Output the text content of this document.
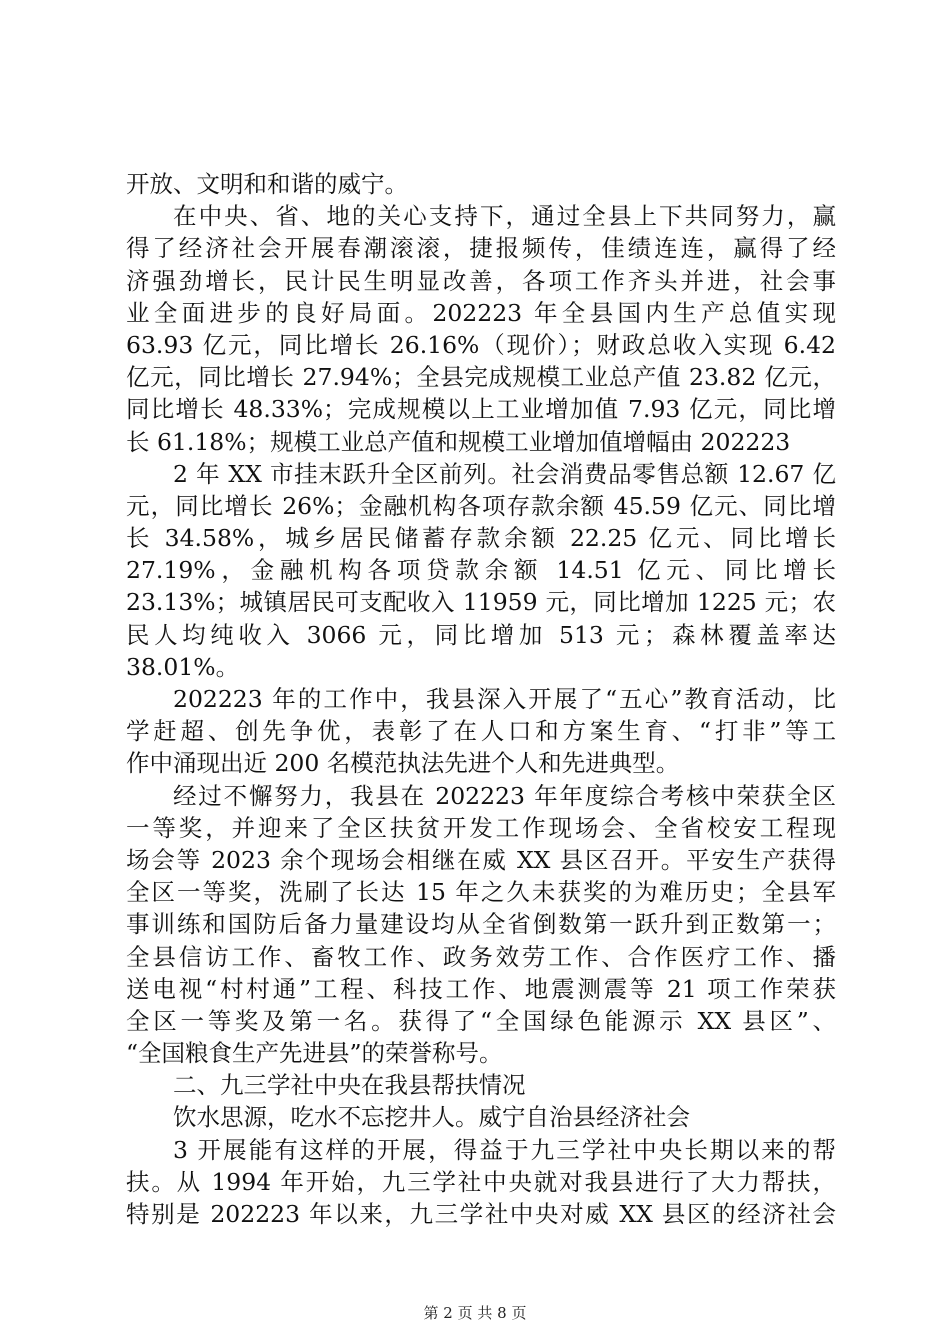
开放、文明和和谐的威宁。
在中央、省、地的关心支持下，通过全县上下共同努力，赢
得了经济社会开展春潮滚滚，捷报频传，佳绩连连，赢得了经
济强劲增长，民计民生明显改善，各项工作齐头并进，社会事
业全面进步的良好局面。202223 年全县国内生产总值实现
63.93 亿元，同比增长 26.16%（现价）；财政总收入实现 6.42
亿元，同比增长 27.94%；全县完成规模工业总产值 23.82 亿元，
同比增长 48.33%；完成规模以上工业增加值 7.93 亿元，同比增
长 61.18%；规模工业总产值和规模工业增加值增幅由 202223
2 年 XX 市挂末跃升全区前列。社会消费品零售总额 12.67 亿
元，同比增长 26%；金融机构各项存款余额 45.59 亿元、同比增
长 34.58%，城乡居民储蓄存款余额 22.25 亿元、同比增长
27.19%，金融机构各项贷款余额 14.51 亿元、同比增长
23.13%；城镇居民可支配收入 11959 元，同比增加 1225 元；农
民人均纯收入 3066 元，同比增加 513 元；森林覆盖率达
38.01%。
202223 年的工作中，我县深入开展了“五心”教育活动，比
学赶超、创先争优，表彰了在人口和方案生育、“打非”等工
作中涌现出近 200 名模范执法先进个人和先进典型。
经过不懈努力，我县在 202223 年年度综合考核中荣获全区
一等奖，并迎来了全区扶贫开发工作现场会、全省校安工程现
场会等 2023 余个现场会相继在威 XX 县区召开。平安生产获得
全区一等奖，洗刷了长达 15 年之久未获奖的为难历史；全县军
事训练和国防后备力量建设均从全省倒数第一跃升到正数第一；
全县信访工作、畜牧工作、政务效劳工作、合作医疗工作、播
送电视“村村通”工程、科技工作、地震测震等 21 项工作荣获
全区一等奖及第一名。获得了“全国绿色能源示 XX 县区”、
“全国粮食生产先进县”的荣誉称号。
二、九三学社中央在我县帮扶情况
饮水思源，吃水不忘挖井人。威宁自治县经济社会
3 开展能有这样的开展，得益于九三学社中央长期以来的帮
扶。从 1994 年开始，九三学社中央就对我县进行了大力帮扶，
特别是 202223 年以来，九三学社中央对威 XX 县区的经济社会
第 2 页 共 8 页
